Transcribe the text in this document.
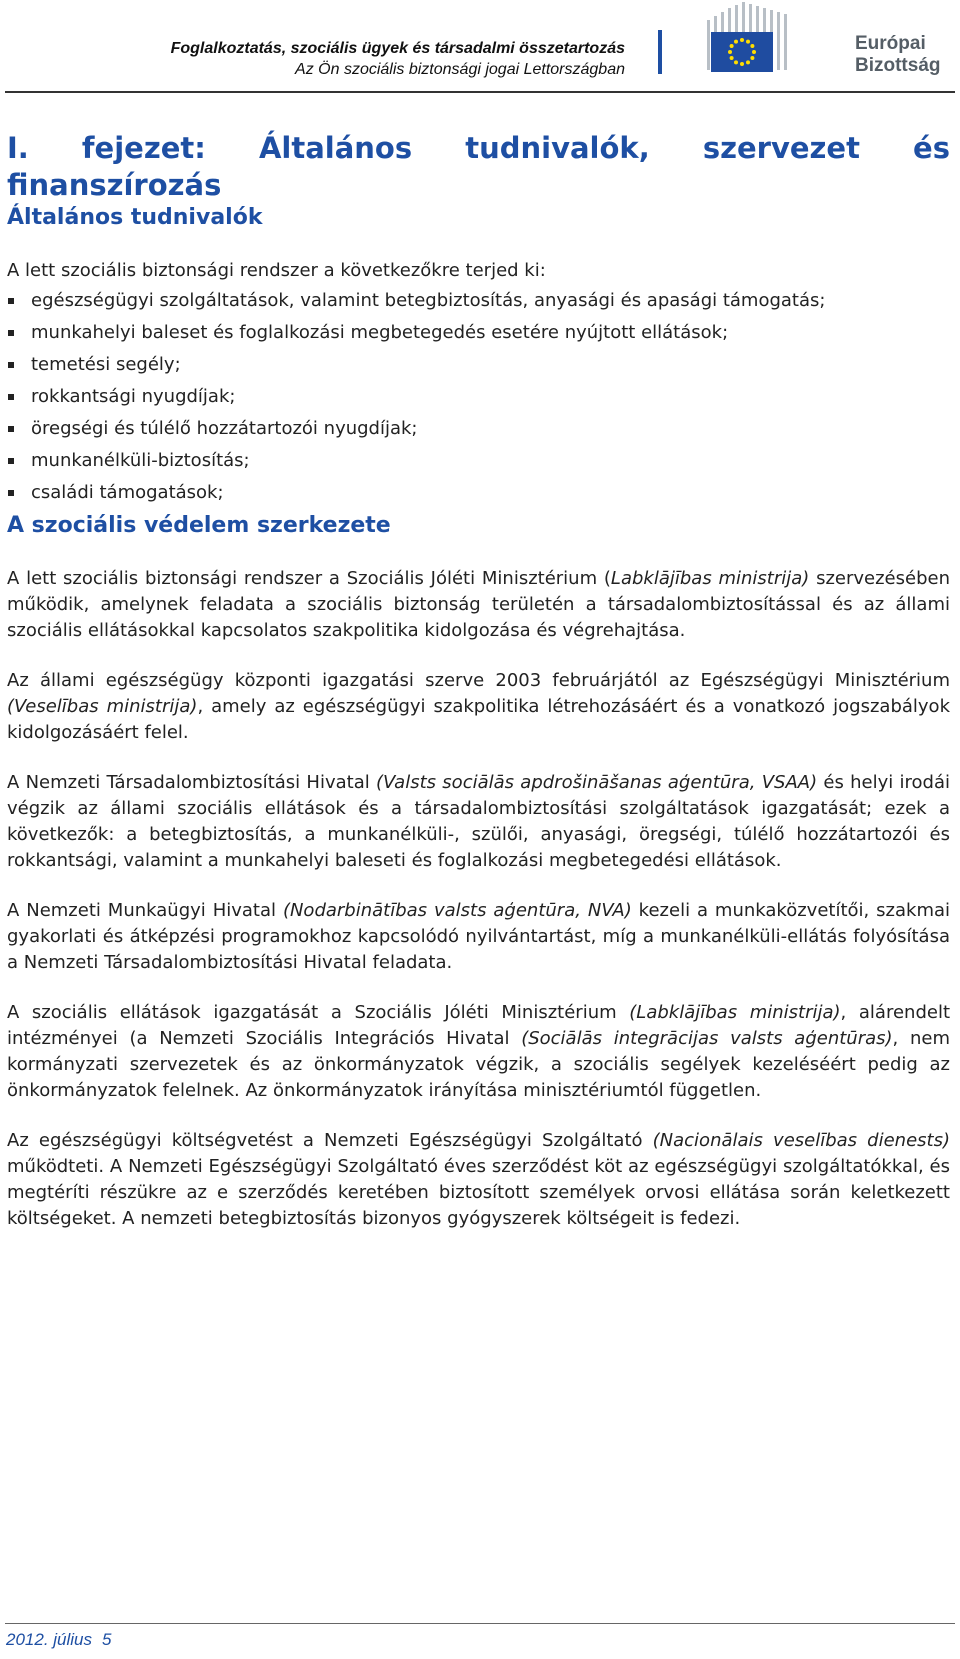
Foglalkoztatás, szociális ügyek és társadalmi összetartozás
Az Ön szociális biztonsági jogai Lettországban
Európai
Bizottság
I. fejezet: Általános tudnivalók, szervezet és finanszírozás
Általános tudnivalók

A lett szociális biztonsági rendszer a következőkre terjed ki:

egészségügyi szolgáltatások, valamint betegbiztosítás, anyasági és apasági támogatás;
munkahelyi baleset és foglalkozási megbetegedés esetére nyújtott ellátások;
temetési segély;
rokkantsági nyugdíjak;
öregségi és túlélő hozzátartozói nyugdíjak;
munkanélküli-biztosítás;
családi támogatások;
A szociális védelem szerkezete

A lett szociális biztonsági rendszer a Szociális Jóléti Minisztérium (Labklājības ministrija) szervezésében működik, amelynek feladata a szociális biztonság területén a társadalombiztosítással és az állami szociális ellátásokkal kapcsolatos szakpolitika kidolgozása és végrehajtása.

Az állami egészségügy központi igazgatási szerve 2003 februárjától az Egészségügyi Minisztérium (Veselības ministrija), amely az egészségügyi szakpolitika létrehozásáért és a vonatkozó jogszabályok kidolgozásáért felel.

A Nemzeti Társadalombiztosítási Hivatal (Valsts sociālās apdrošināšanas aģentūra, VSAA) és helyi irodái végzik az állami szociális ellátások és a társadalombiztosítási szolgáltatások igazgatását; ezek a következők: a betegbiztosítás, a munkanélküli-, szülői, anyasági, öregségi, túlélő hozzátartozói és rokkantsági, valamint a munkahelyi baleseti és foglalkozási megbetegedési ellátások.

A Nemzeti Munkaügyi Hivatal (Nodarbinātības valsts aģentūra, NVA) kezeli a munkaközvetítői, szakmai gyakorlati és átképzési programokhoz kapcsolódó nyilvántartást, míg a munkanélküli-ellátás folyósítása a Nemzeti Társadalombiztosítási Hivatal feladata.

A szociális ellátások igazgatását a Szociális Jóléti Minisztérium (Labklājības ministrija), alárendelt intézményei (a Nemzeti Szociális Integrációs Hivatal (Sociālās integrācijas valsts aģentūras), nem kormányzati szervezetek és az önkormányzatok végzik, a szociális segélyek kezeléséért pedig az önkormányzatok felelnek. Az önkormányzatok irányítása minisztériumtól független.

Az egészségügyi költségvetést a Nemzeti Egészségügyi Szolgáltató (Nacionālais veselības dienests) működteti. A Nemzeti Egészségügyi Szolgáltató éves szerződést köt az egészségügyi szolgáltatókkal, és megtéríti részükre az e szerződés keretében biztosított személyek orvosi ellátása során keletkezett költségeket. A nemzeti betegbiztosítás bizonyos gyógyszerek költségeit is fedezi.

2012. július 5
